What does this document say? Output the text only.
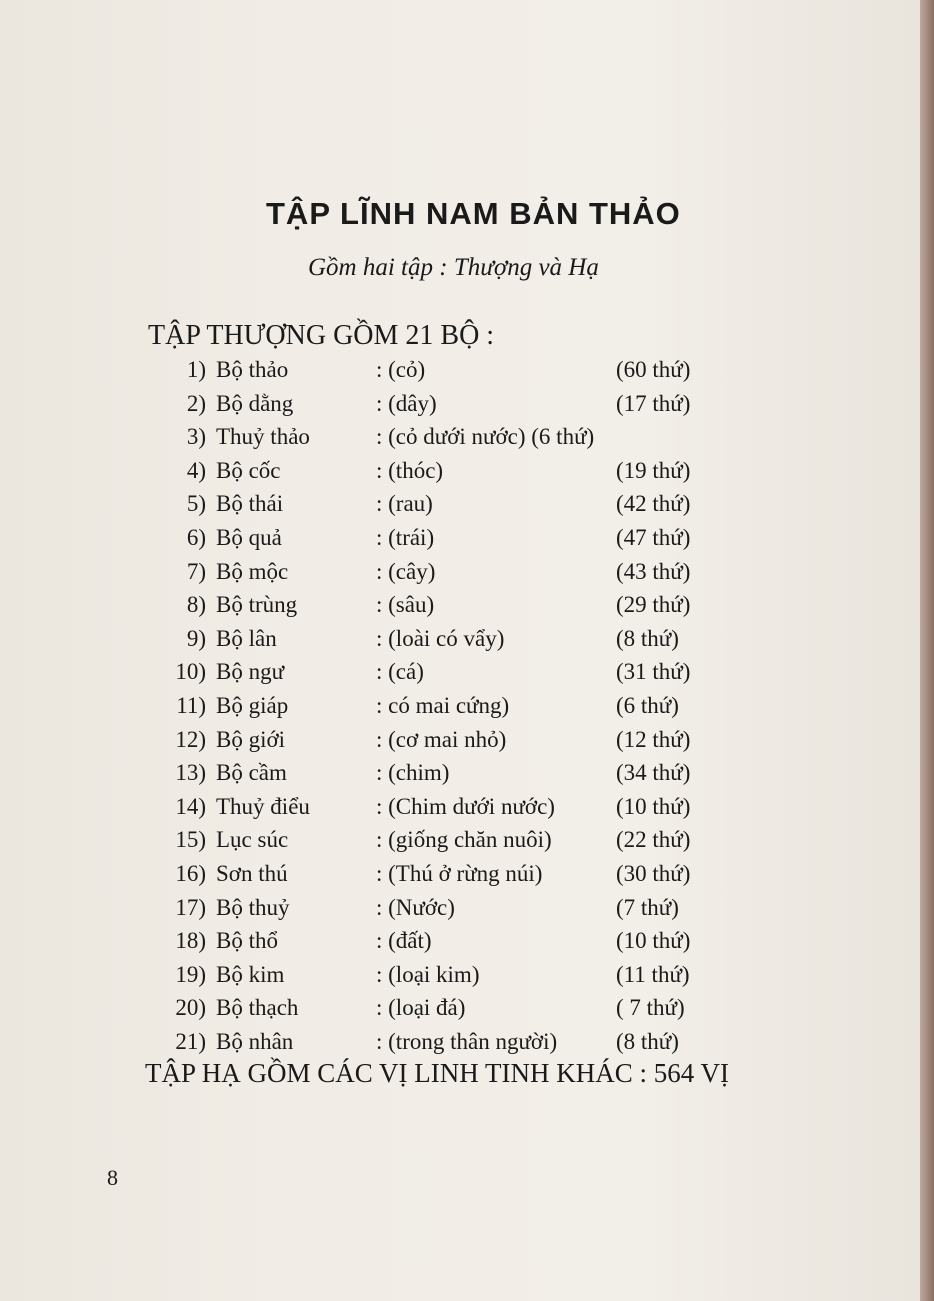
TẬP LĨNH NAM BẢN THẢO
Gồm hai tập : Thượng và Hạ
TẬP THƯỢNG GỒM 21 BỘ :
1) Bộ thảo	: (cỏ)	(60 thứ)
2) Bộ dằng	: (dây)	(17 thứ)
3) Thuỷ thảo	: (cỏ dưới nước) (6 thứ)
4) Bộ cốc	: (thóc)	(19 thứ)
5) Bộ thái	: (rau)	(42 thứ)
6) Bộ quả	: (trái)	(47 thứ)
7) Bộ mộc	: (cây)	(43 thứ)
8) Bộ trùng	: (sâu)	(29 thứ)
9) Bộ lân	: (loài có vẩy)	(8 thứ)
10) Bộ ngư	: (cá)	(31 thứ)
11) Bộ giáp	: có mai cứng)	(6 thứ)
12) Bộ giới	: (cơ mai nhỏ)	(12 thứ)
13) Bộ cầm	: (chim)	(34 thứ)
14) Thuỷ điểu	: (Chim dưới nước)	(10 thứ)
15) Lục súc	: (giống chăn nuôi)	(22 thứ)
16) Sơn thú	: (Thú ở rừng núi)	(30 thứ)
17) Bộ thuỷ	: (Nước)	(7 thứ)
18) Bộ thổ	: (đất)	(10 thứ)
19) Bộ kim	: (loại kim)	(11 thứ)
20) Bộ thạch	: (loại đá)	( 7 thứ)
21) Bộ nhân	: (trong thân người)	(8 thứ)
TẬP HẠ GỒM CÁC VỊ LINH TINH KHÁC : 564 VỊ
8
